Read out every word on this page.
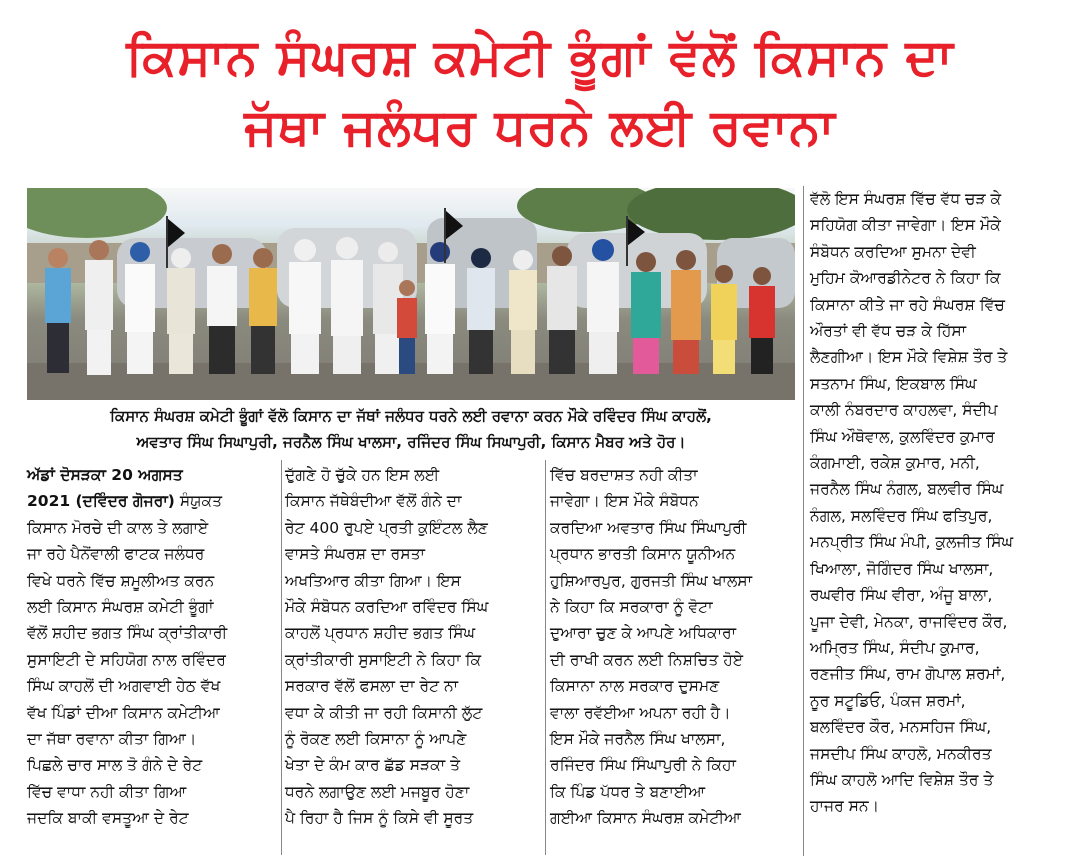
ਕਿਸਾਨ ਸੰਘਰਸ਼ ਕਮੇਟੀ ਭੂੰਗਾਂ ਵੱਲੋਂ ਕਿਸਾਨ ਦਾ
ਜੱਥਾ ਜਲੰਧਰ ਧਰਨੇ ਲਈ ਰਵਾਨਾ
ਕਿਸਾਨ ਸੰਘਰਸ਼ ਕਮੇਟੀ ਭੂੰਗਾਂ ਵੱਲੋ ਕਿਸਾਨ ਦਾ ਜੱਥਾਂ ਜਲੰਧਰ ਧਰਨੇ ਲਈ ਰਵਾਨਾ ਕਰਨ ਮੌਕੇ ਰਵਿੰਦਰ ਸਿੰਘ ਕਾਹਲੋਂ,
ਅਵਤਾਰ ਸਿੰਘ ਸਿਘਾਪੁਰੀ, ਜਰਨੈਲ ਸਿੰਘ ਖਾਲਸਾ, ਰਜਿੰਦਰ ਸਿੰਘ ਸਿਘਾਪੁਰੀ, ਕਿਸਾਨ ਮੈਬਰ ਅਤੇ ਹੋਰ।

ਅੱਡਾਂ ਦੋਸੜਕਾ 20 ਅਗਸਤ

2021 (ਦਵਿੰਦਰ ਗੋਜਰਾ) ਸੰਯੁਕਤ

ਕਿਸਾਨ ਮੋਰਚੇ ਦੀ ਕਾਲ ਤੇ ਲਗਾਏ

ਜਾ ਰਹੇ ਪੈਨੋਂਵਾਲੀ ਫਾਟਕ ਜਲੰਧਰ

ਵਿਖੇ ਧਰਨੇ ਵਿੱਚ ਸ਼ਮੂਲੀਅਤ ਕਰਨ

ਲਈ ਕਿਸਾਨ ਸੰਘਰਸ਼ ਕਮੇਟੀ ਭੂੰਗਾਂ

ਵੱਲੋਂ ਸ਼ਹੀਦ ਭਗਤ ਸਿੰਘ ਕ੍ਰਾਂਤੀਕਾਰੀ

ਸੁਸਾਇਟੀ ਦੇ ਸਹਿਯੋਗ ਨਾਲ ਰਵਿੰਦਰ

ਸਿੰਘ ਕਾਹਲੋਂ ਦੀ ਅਗਵਾਈ ਹੇਠ ਵੱਖ

ਵੱਖ ਪਿੰਡਾਂ ਦੀਆ ਕਿਸਾਨ ਕਮੇਟੀਆ

ਦਾ ਜੱਥਾ ਰਵਾਨਾ ਕੀਤਾ ਗਿਆ।

ਪਿਛਲੇ ਚਾਰ ਸਾਲ ਤੋ ਗੰਨੇ ਦੇ ਰੇਟ

ਵਿੱਚ ਵਾਧਾ ਨਹੀ ਕੀਤਾ ਗਿਆ

ਜਦਕਿ ਬਾਕੀ ਵਸਤੂਆ ਦੇ ਰੇਟ

ਦੁੱਗਣੇ ਹੋ ਚੁੱਕੇ ਹਨ ਇਸ ਲਈ

ਕਿਸਾਨ ਜੱਥੇਬੰਦੀਆ ਵੱਲੋਂ ਗੰਨੇ ਦਾ

ਰੇਟ 400 ਰੁਪਏ ਪ੍ਰਤੀ ਕੁਇੰਟਲ ਲੈਣ

ਵਾਸਤੇ ਸੰਘਰਸ਼ ਦਾ ਰਸਤਾ

ਅਖਤਿਆਰ ਕੀਤਾ ਗਿਆ। ਇਸ

ਮੌਕੇ ਸੰਬੋਧਨ ਕਰਦਿਆ ਰਵਿੰਦਰ ਸਿੰਘ

ਕਾਹਲੋਂ ਪ੍ਰਧਾਨ ਸ਼ਹੀਦ ਭਗਤ ਸਿੰਘ

ਕ੍ਰਾਂਤੀਕਾਰੀ ਸੁਸਾਇਟੀ ਨੇ ਕਿਹਾ ਕਿ

ਸਰਕਾਰ ਵੱਲੋਂ ਫਸਲਾ ਦਾ ਰੇਟ ਨਾ

ਵਧਾ ਕੇ ਕੀਤੀ ਜਾ ਰਹੀ ਕਿਸਾਨੀ ਲੁੱਟ

ਨੂੰ ਰੋਕਣ ਲਈ ਕਿਸਾਨਾ ਨੂੰ ਆਪਣੇ

ਖੇਤਾ ਦੇ ਕੰਮ ਕਾਰ ਛੱਡ ਸੜਕਾ ਤੇ

ਧਰਨੇ ਲਗਾਉਣ ਲਈ ਮਜਬੂਰ ਹੋਣਾ

ਪੈ ਰਿਹਾ ਹੈ ਜਿਸ ਨੂੰ ਕਿਸੇ ਵੀ ਸੂਰਤ

ਵਿੱਚ ਬਰਦਾਸ਼ਤ ਨਹੀ ਕੀਤਾ

ਜਾਵੇਗਾ। ਇਸ ਮੌਕੇ ਸੰਬੋਧਨ

ਕਰਦਿਆ ਅਵਤਾਰ ਸਿੰਘ ਸਿੰਘਾਪੁਰੀ

ਪ੍ਰਧਾਨ ਭਾਰਤੀ ਕਿਸਾਨ ਯੂਨੀਅਨ

ਹੁਸ਼ਿਆਰਪੁਰ, ਗੁਰਜਤੀ ਸਿੰਘ ਖਾਲਸਾ

ਨੇ ਕਿਹਾ ਕਿ ਸਰਕਾਰਾ ਨੂੰ ਵੋਟਾ

ਦੁਆਰਾ ਚੁਣ ਕੇ ਆਪਣੇ ਅਧਿਕਾਰਾ

ਦੀ ਰਾਖੀ ਕਰਨ ਲਈ ਨਿਸ਼ਚਿਤ ਹੋਏ

ਕਿਸਾਨਾ ਨਾਲ ਸਰਕਾਰ ਦੁਸਮਣ

ਵਾਲਾ ਰਵੱਈਆ ਅਪਨਾ ਰਹੀ ਹੈ।

ਇਸ ਮੌਕੇ ਜਰਨੈਲ ਸਿੰਘ ਖਾਲਸਾ,

ਰਜਿੰਦਰ ਸਿੰਘ ਸਿੰਘਾਪੁਰੀ ਨੇ ਕਿਹਾ

ਕਿ ਪਿੰਡ ਪੱਧਰ ਤੇ ਬਣਾਈਆ

ਗਈਆ ਕਿਸਾਨ ਸੰਘਰਸ਼ ਕਮੇਟੀਆ

ਵੱਲੋ ਇਸ ਸੰਘਰਸ਼ ਵਿੱਚ ਵੱਧ ਚੜ ਕੇ

ਸਹਿਯੋਗ ਕੀਤਾ ਜਾਵੇਗਾ। ਇਸ ਮੌਕੇ

ਸੰਬੋਧਨ ਕਰਦਿਆ ਸੁਮਨਾ ਦੇਵੀ

ਮੁਹਿਮ ਕੋਆਰਡੀਨੇਟਰ ਨੇ ਕਿਹਾ ਕਿ

ਕਿਸਾਨਾ ਕੀਤੇ ਜਾ ਰਹੇ ਸੰਘਰਸ਼ ਵਿੱਚ

ਔਰਤਾਂ ਵੀ ਵੱਧ ਚੜ ਕੇ ਹਿੱਸਾ

ਲੈਣਗੀਆ। ਇਸ ਮੌਕੇ ਵਿਸ਼ੇਸ਼ ਤੌਰ ਤੇ

ਸਤਨਾਮ ਸਿੰਘ, ਇਕਬਾਲ ਸਿੰਘ

ਕਾਲੀ ਨੰਬਰਦਾਰ ਕਾਹਲਵਾ, ਸੰਦੀਪ

ਸਿੰਘ ਔਥੋਵਾਲ, ਕੁਲਵਿੰਦਰ ਕੁਮਾਰ

ਕੰਗਮਾਈ, ਰਕੇਸ਼ ਕੁਮਾਰ, ਮਨੀ,

ਜਰਨੈਲ ਸਿੰਘ ਨੰਗਲ, ਬਲਵੀਰ ਸਿੰਘ

ਨੰਗਲ, ਸਲਵਿੰਦਰ ਸਿੰਘ ਫਤਿਪੁਰ,

ਮਨਪ੍ਰੀਤ ਸਿੰਘ ਮੰਪੀ, ਕੁਲਜੀਤ ਸਿੰਘ

ਖਿਆਲਾ, ਜੋਗਿੰਦਰ ਸਿੰਘ ਖਾਲਸਾ,

ਰਘਵੀਰ ਸਿੰਘ ਵੀਰਾ, ਅੰਜੂ ਬਾਲਾ,

ਪੂਜਾ ਦੇਵੀ, ਮੇਨਕਾ, ਰਾਜਵਿੰਦਰ ਕੌਰ,

ਅਮ੍ਰਿਤ ਸਿੰਘ, ਸੰਦੀਪ ਕੁਮਾਰ,

ਰਣਜੀਤ ਸਿੰਘ, ਰਾਮ ਗੋਪਾਲ ਸ਼ਰਮਾਂ,

ਨੂਰ ਸਟੂਡਿਓ, ਪੰਕਜ ਸ਼ਰਮਾਂ,

ਬਲਵਿੰਦਰ ਕੌਰ, ਮਨਸਹਿਜ ਸਿੰਘ,

ਜਸਦੀਪ ਸਿੰਘ ਕਾਹਲੋ, ਮਨਕੀਰਤ

ਸਿੰਘ ਕਾਹਲੋ ਆਦਿ ਵਿਸ਼ੇਸ਼ ਤੌਰ ਤੇ

ਹਾਜਰ ਸਨ।
